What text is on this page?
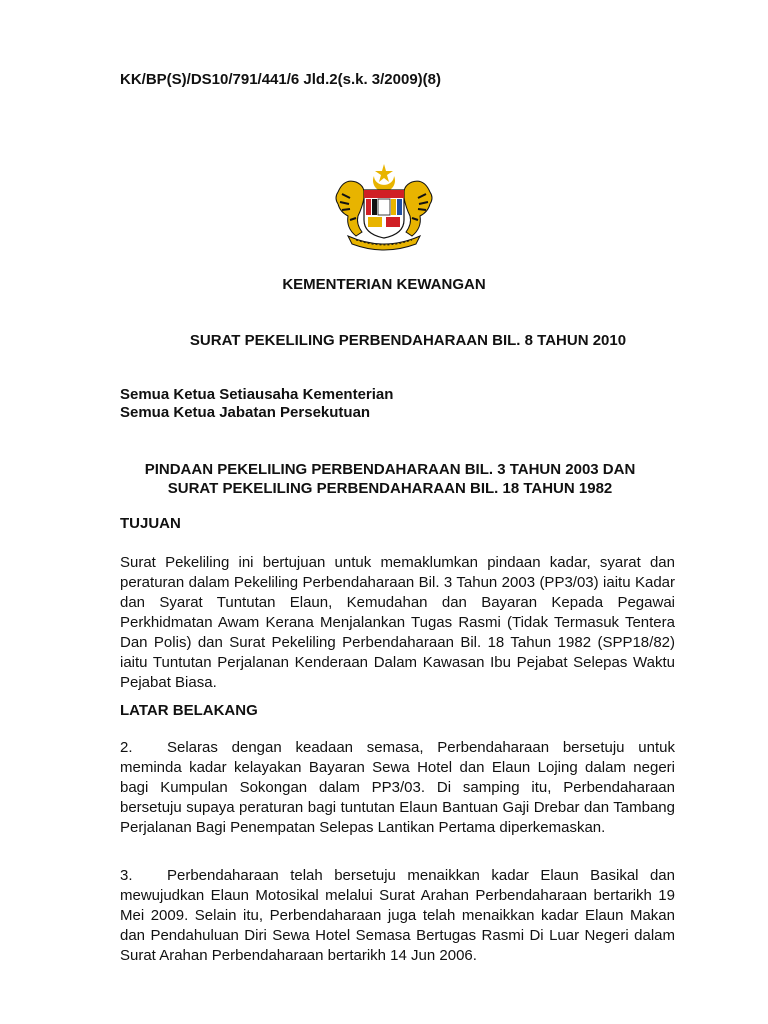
KK/BP(S)/DS10/791/441/6 Jld.2(s.k. 3/2009)(8)
KEMENTERIAN KEWANGAN
SURAT PEKELILING PERBENDAHARAAN BIL. 8 TAHUN 2010
Semua Ketua Setiausaha Kementerian
Semua Ketua Jabatan Persekutuan
PINDAAN PEKELILING PERBENDAHARAAN BIL. 3 TAHUN 2003 DAN
SURAT PEKELILING PERBENDAHARAAN BIL. 18 TAHUN 1982
TUJUAN

Surat Pekeliling ini bertujuan untuk memaklumkan pindaan kadar, syarat dan peraturan dalam Pekeliling Perbendaharaan Bil. 3 Tahun 2003 (PP3/03) iaitu Kadar dan Syarat Tuntutan Elaun, Kemudahan dan Bayaran Kepada Pegawai Perkhidmatan Awam Kerana Menjalankan Tugas Rasmi (Tidak Termasuk Tentera Dan Polis) dan Surat Pekeliling Perbendaharaan Bil. 18 Tahun 1982 (SPP18/82) iaitu Tuntutan Perjalanan Kenderaan Dalam Kawasan Ibu Pejabat Selepas Waktu Pejabat Biasa.

LATAR BELAKANG

2. Selaras dengan keadaan semasa, Perbendaharaan bersetuju untuk meminda kadar kelayakan Bayaran Sewa Hotel dan Elaun Lojing dalam negeri bagi Kumpulan Sokongan dalam PP3/03. Di samping itu, Perbendaharaan bersetuju supaya peraturan bagi tuntutan Elaun Bantuan Gaji Drebar dan Tambang Perjalanan Bagi Penempatan Selepas Lantikan Pertama diperkemaskan.

3. Perbendaharaan telah bersetuju menaikkan kadar Elaun Basikal dan mewujudkan Elaun Motosikal melalui Surat Arahan Perbendaharaan bertarikh 19 Mei 2009. Selain itu, Perbendaharaan juga telah menaikkan kadar Elaun Makan dan Pendahuluan Diri Sewa Hotel Semasa Bertugas Rasmi Di Luar Negeri dalam Surat Arahan Perbendaharaan bertarikh 14 Jun 2006.
